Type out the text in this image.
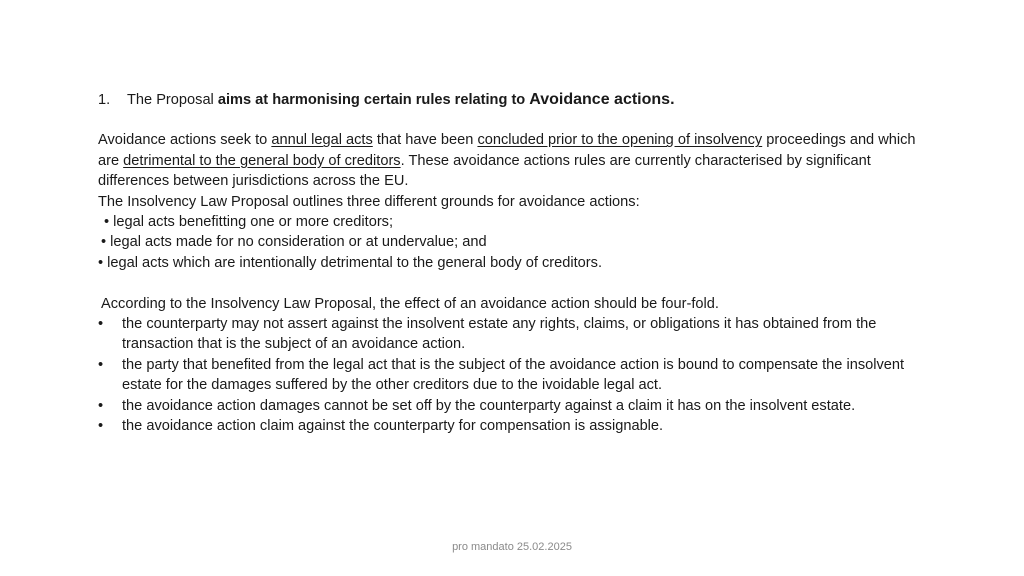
1.	The Proposal aims at harmonising certain rules relating to Avoidance actions.

Avoidance actions seek to annul legal acts that have been concluded prior to the opening of insolvency proceedings and which are detrimental to the general body of creditors. These avoidance actions rules are currently characterised by significant differences between jurisdictions across the EU.

The Insolvency Law Proposal outlines three different grounds for avoidance actions:

• legal acts benefitting one or more creditors;

• legal acts made for no consideration or at undervalue; and

• legal acts which are intentionally detrimental to the general body of creditors.

According to the Insolvency Law Proposal, the effect of an avoidance action should be four-fold.

•	the counterparty may not assert against the insolvent estate any rights, claims, or obligations it has obtained from the transaction that is the subject of an avoidance action.
•	the party that benefited from the legal act that is the subject of the avoidance action is bound to compensate the insolvent estate for the damages suffered by the other creditors due to the ivoidable legal act.
•	the avoidance action damages cannot be set off by the counterparty against a claim it has on the insolvent estate.
•	the avoidance action claim against the counterparty for compensation is assignable.
pro mandato 25.02.2025
